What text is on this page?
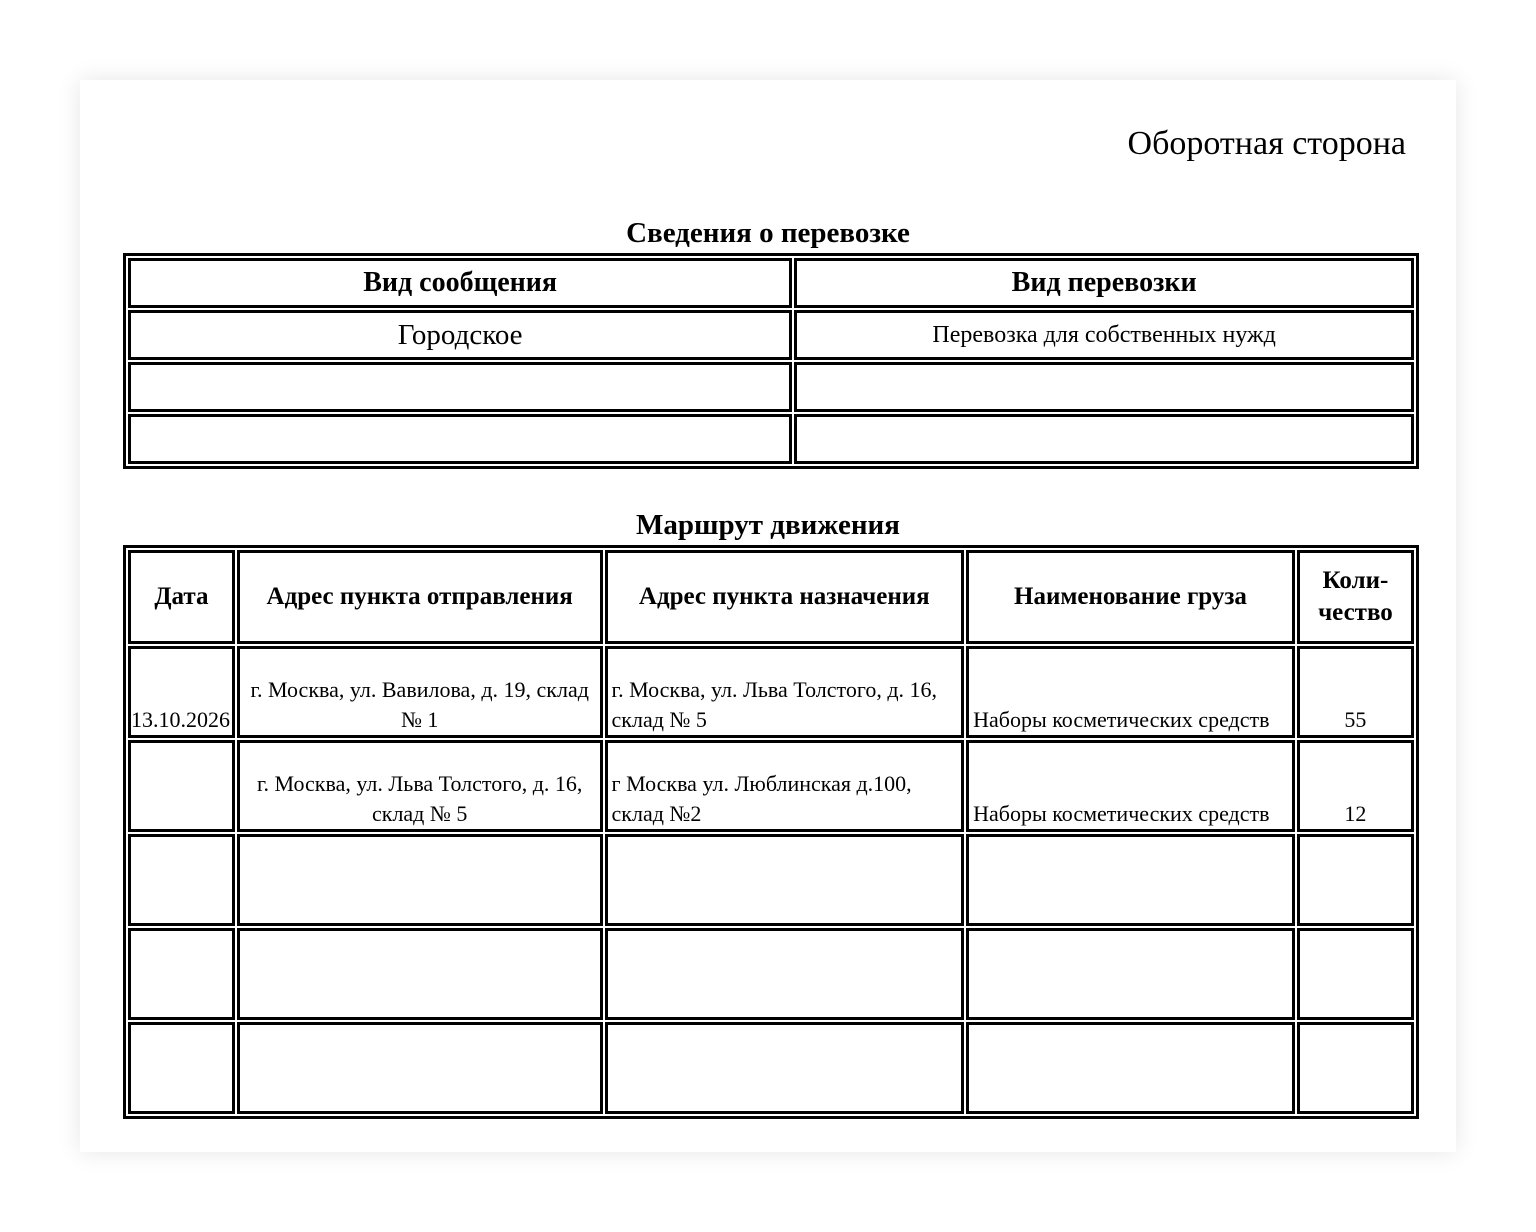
Оборотная сторона
Сведения о перевозке
Вид сообщения	Вид перевозки
Городское	Перевозка для собственных нужд

Маршрут движения
Дата	Адрес пункта отправления	Адрес пункта назначения	Наименование груза	Коли-
чество

13.10.2026	г. Москва, ул. Вавилова, д. 19, склад № 1	г. Москва, ул. Льва Толстого, д. 16, склад № 5	Наборы косметических средств	55
	г. Москва, ул. Льва Толстого, д. 16, склад № 5	г Москва ул. Люблинская д.100, склад №2	Наборы косметических средств	12
